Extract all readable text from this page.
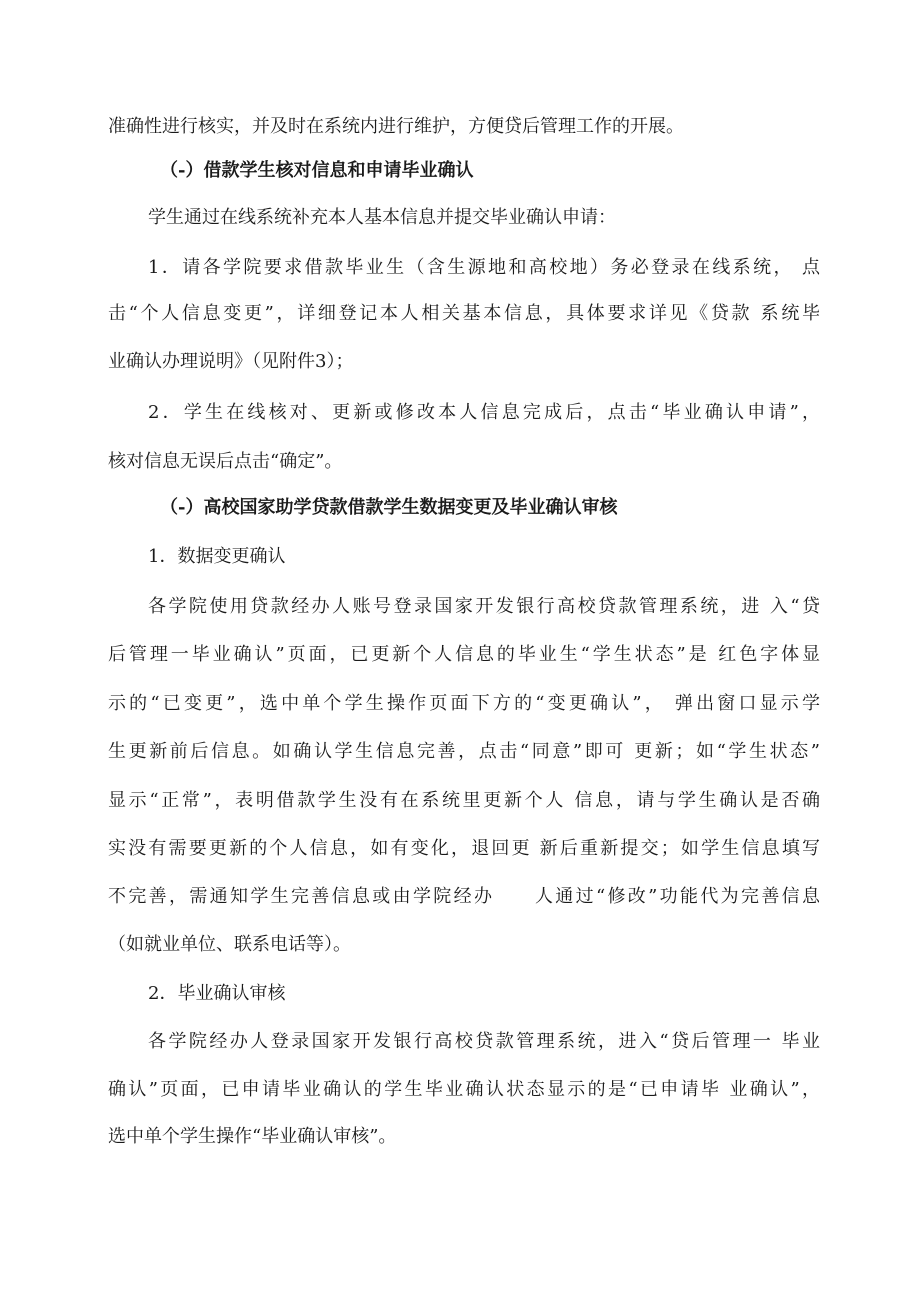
准确性进行核实，并及时在系统内进行维护，方便贷后管理工作的开展。
（-）借款学生核对信息和申请毕业确认
学生通过在线系统补充本人基本信息并提交毕业确认申请：
1．请各学院要求借款毕业生（含生源地和高校地）务必登录在线系统， 点
击“个人信息变更”，详细登记本人相关基本信息，具体要求详见《贷款 系统毕
业确认办理说明》（见附件3）；
2．学生在线核对、更新或修改本人信息完成后，点击“毕业确认申请”，
核对信息无误后点击“确定”。
（-）高校国家助学贷款借款学生数据变更及毕业确认审核
1．数据变更确认
各学院使用贷款经办人账号登录国家开发银行高校贷款管理系统，进 入“贷
后管理一毕业确认”页面，已更新个人信息的毕业生“学生状态”是 红色字体显
示的“已变更”，选中单个学生操作页面下方的“变更确认”， 弹出窗口显示学
生更新前后信息。如确认学生信息完善，点击“同意”即可 更新；如“学生状态”
显示“正常”，表明借款学生没有在系统里更新个人 信息，请与学生确认是否确
实没有需要更新的个人信息，如有变化，退回更 新后重新提交；如学生信息填写
不完善，需通知学生完善信息或由学院经办　　人通过“修改”功能代为完善信息
（如就业单位、联系电话等）。
2．毕业确认审核
各学院经办人登录国家开发银行高校贷款管理系统，进入“贷后管理一 毕业
确认”页面，已申请毕业确认的学生毕业确认状态显示的是“已申请毕 业确认”，
选中单个学生操作“毕业确认审核”。
